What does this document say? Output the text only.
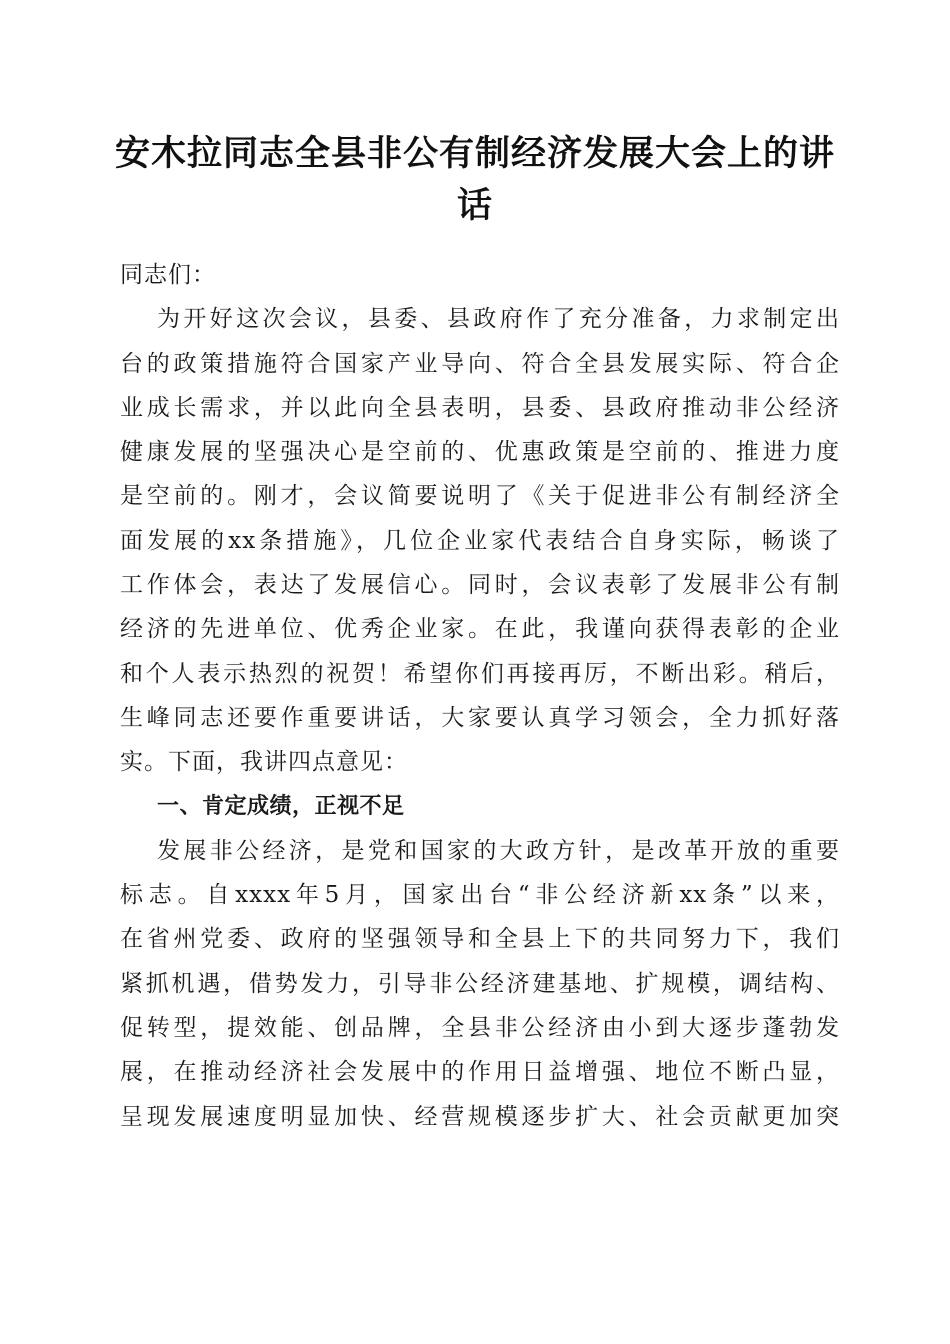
安木拉同志全县非公有制经济发展大会上的讲话
同志们：
为开好这次会议，县委、县政府作了充分准备，力求制定出
台的政策措施符合国家产业导向、符合全县发展实际、符合企
业成长需求，并以此向全县表明，县委、县政府推动非公经济
健康发展的坚强决心是空前的、优惠政策是空前的、推进力度
是空前的。刚才，会议简要说明了《关于促进非公有制经济全
面发展的xx条措施》，几位企业家代表结合自身实际，畅谈了
工作体会，表达了发展信心。同时，会议表彰了发展非公有制
经济的先进单位、优秀企业家。在此，我谨向获得表彰的企业
和个人表示热烈的祝贺！希望你们再接再厉，不断出彩。稍后，
生峰同志还要作重要讲话，大家要认真学习领会，全力抓好落
实。下面，我讲四点意见：
一、肯定成绩，正视不足
发展非公经济，是党和国家的大政方针，是改革开放的重要
标志。自xxxx年5月，国家出台“非公经济新xx条”以来，
在省州党委、政府的坚强领导和全县上下的共同努力下，我们
紧抓机遇，借势发力，引导非公经济建基地、扩规模，调结构、
促转型，提效能、创品牌，全县非公经济由小到大逐步蓬勃发
展，在推动经济社会发展中的作用日益增强、地位不断凸显，
呈现发展速度明显加快、经营规模逐步扩大、社会贡献更加突
